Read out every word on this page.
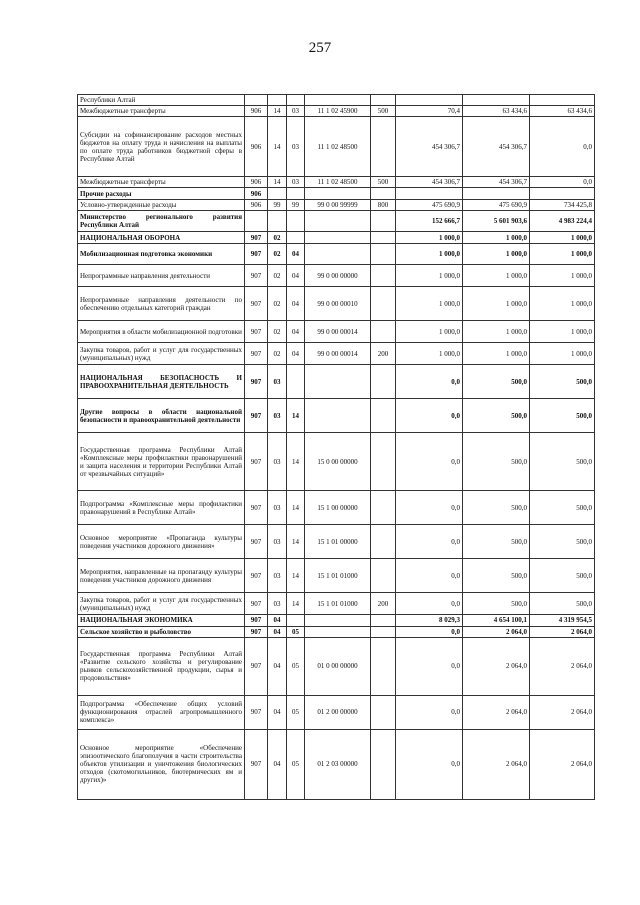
257
Республики Алтай								
Межбюджетные трансферты	906	14	03	11 1 02 45900	500	70,4	63 434,6	63 434,6
Субсидии на софинансирование расходов местных бюджетов на оплату труда и начисления на выплаты по оплате труда работников бюджетной сферы в Республике Алтай	906	14	03	11 1 02 48500		454 306,7	454 306,7	0,0
Межбюджетные трансферты	906	14	03	11 1 02 48500	500	454 306,7	454 306,7	0,0
Прочие расходы	906							
Условно-утвержденные расходы	906	99	99	99 0 00 99999	800	475 690,9	475 690,9	734 425,8
Министерство регионального развития Республики Алтай						152 666,7	5 601 903,6	4 983 224,4
НАЦИОНАЛЬНАЯ ОБОРОНА	907	02				1 000,0	1 000,0	1 000,0
Мобилизационная подготовка экономики	907	02	04			1 000,0	1 000,0	1 000,0
Непрограммные направления деятельности	907	02	04	99 0 00 00000		1 000,0	1 000,0	1 000,0
Непрограммные направления деятельности по обеспечению отдельных категорий граждан	907	02	04	99 0 00 00010		1 000,0	1 000,0	1 000,0
Мероприятия в области мобилизационной подготовки	907	02	04	99 0 00 00014		1 000,0	1 000,0	1 000,0
Закупка товаров, работ и услуг для государственных (муниципальных) нужд	907	02	04	99 0 00 00014	200	1 000,0	1 000,0	1 000,0
НАЦИОНАЛЬНАЯ БЕЗОПАСНОСТЬ И ПРАВООХРАНИТЕЛЬНАЯ ДЕЯТЕЛЬНОСТЬ	907	03				0,0	500,0	500,0
Другие вопросы в области национальной безопасности и правоохранительной деятельности	907	03	14			0,0	500,0	500,0
Государственная программа Республики Алтай «Комплексные меры профилактики правонарушений и защита населения и территории Республики Алтай от чрезвычайных ситуаций»	907	03	14	15 0 00 00000		0,0	500,0	500,0
Подпрограмма «Комплексные меры профилактики правонарушений в Республике Алтай»	907	03	14	15 1 00 00000		0,0	500,0	500,0
Основное мероприятие «Пропаганда культуры поведения участников дорожного движения»	907	03	14	15 1 01 00000		0,0	500,0	500,0
Мероприятия, направленные на пропаганду культуры поведения участников дорожного движения	907	03	14	15 1 01 01000		0,0	500,0	500,0
Закупка товаров, работ и услуг для государственных (муниципальных) нужд	907	03	14	15 1 01 01000	200	0,0	500,0	500,0
НАЦИОНАЛЬНАЯ ЭКОНОМИКА	907	04				8 029,3	4 654 100,1	4 319 954,5
Сельское хозяйство и рыболовство	907	04	05			0,0	2 064,0	2 064,0
Государственная программа Республики Алтай «Развитие сельского хозяйства и регулирование рынков сельскохозяйственной продукции, сырья и продовольствия»	907	04	05	01 0 00 00000		0,0	2 064,0	2 064,0
Подпрограмма «Обеспечение общих условий функционирования отраслей агропромышленного комплекса»	907	04	05	01 2 00 00000		0,0	2 064,0	2 064,0
Основное мероприятие «Обеспечение эпизоотического благополучия в части строительства объектов утилизации и уничтожения биологических отходов (скотомогильников, биотермических ям и других)»	907	04	05	01 2 03 00000		0,0	2 064,0	2 064,0
